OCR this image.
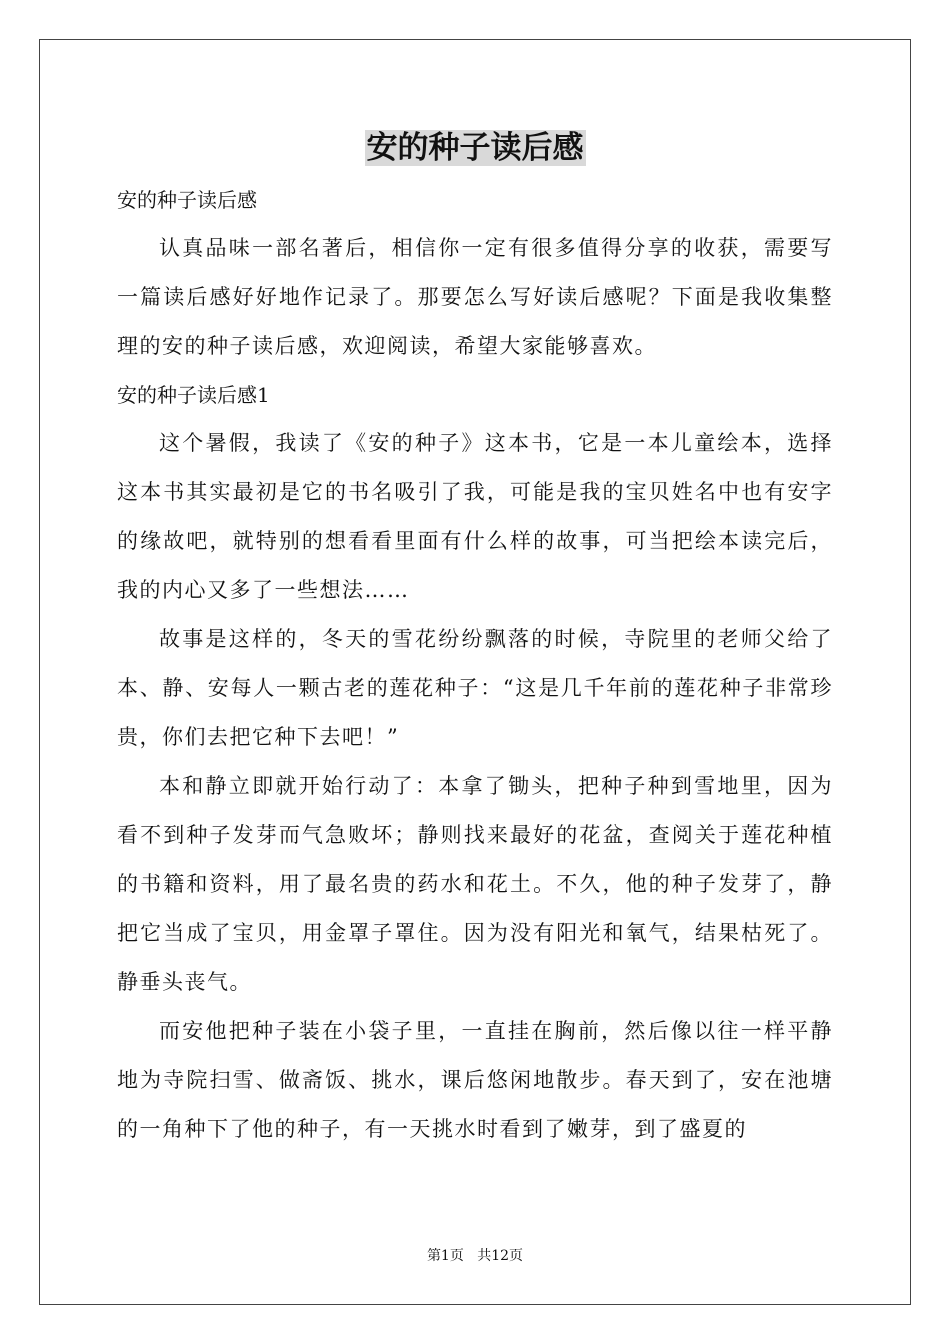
安的种子读后感

安的种子读后感

认真品味一部名著后，相信你一定有很多值得分享的收获，需要写一篇读后感好好地作记录了。那要怎么写好读后感呢？下面是我收集整理的安的种子读后感，欢迎阅读，希望大家能够喜欢。

安的种子读后感1

这个暑假，我读了《安的种子》这本书，它是一本儿童绘本，选择这本书其实最初是它的书名吸引了我，可能是我的宝贝姓名中也有安字的缘故吧，就特别的想看看里面有什么样的故事，可当把绘本读完后，我的内心又多了一些想法……

故事是这样的，冬天的雪花纷纷飘落的时候，寺院里的老师父给了本、静、安每人一颗古老的莲花种子：“这是几千年前的莲花种子非常珍贵，你们去把它种下去吧！”

本和静立即就开始行动了：本拿了锄头，把种子种到雪地里，因为看不到种子发芽而气急败坏；静则找来最好的花盆，查阅关于莲花种植的书籍和资料，用了最名贵的药水和花土。不久，他的种子发芽了，静把它当成了宝贝，用金罩子罩住。因为没有阳光和氧气，结果枯死了。静垂头丧气。

而安他把种子装在小袋子里，一直挂在胸前，然后像以往一样平静地为寺院扫雪、做斋饭、挑水，课后悠闲地散步。春天到了，安在池塘的一角种下了他的种子，有一天挑水时看到了嫩芽，到了盛夏的

第1页 共12页
